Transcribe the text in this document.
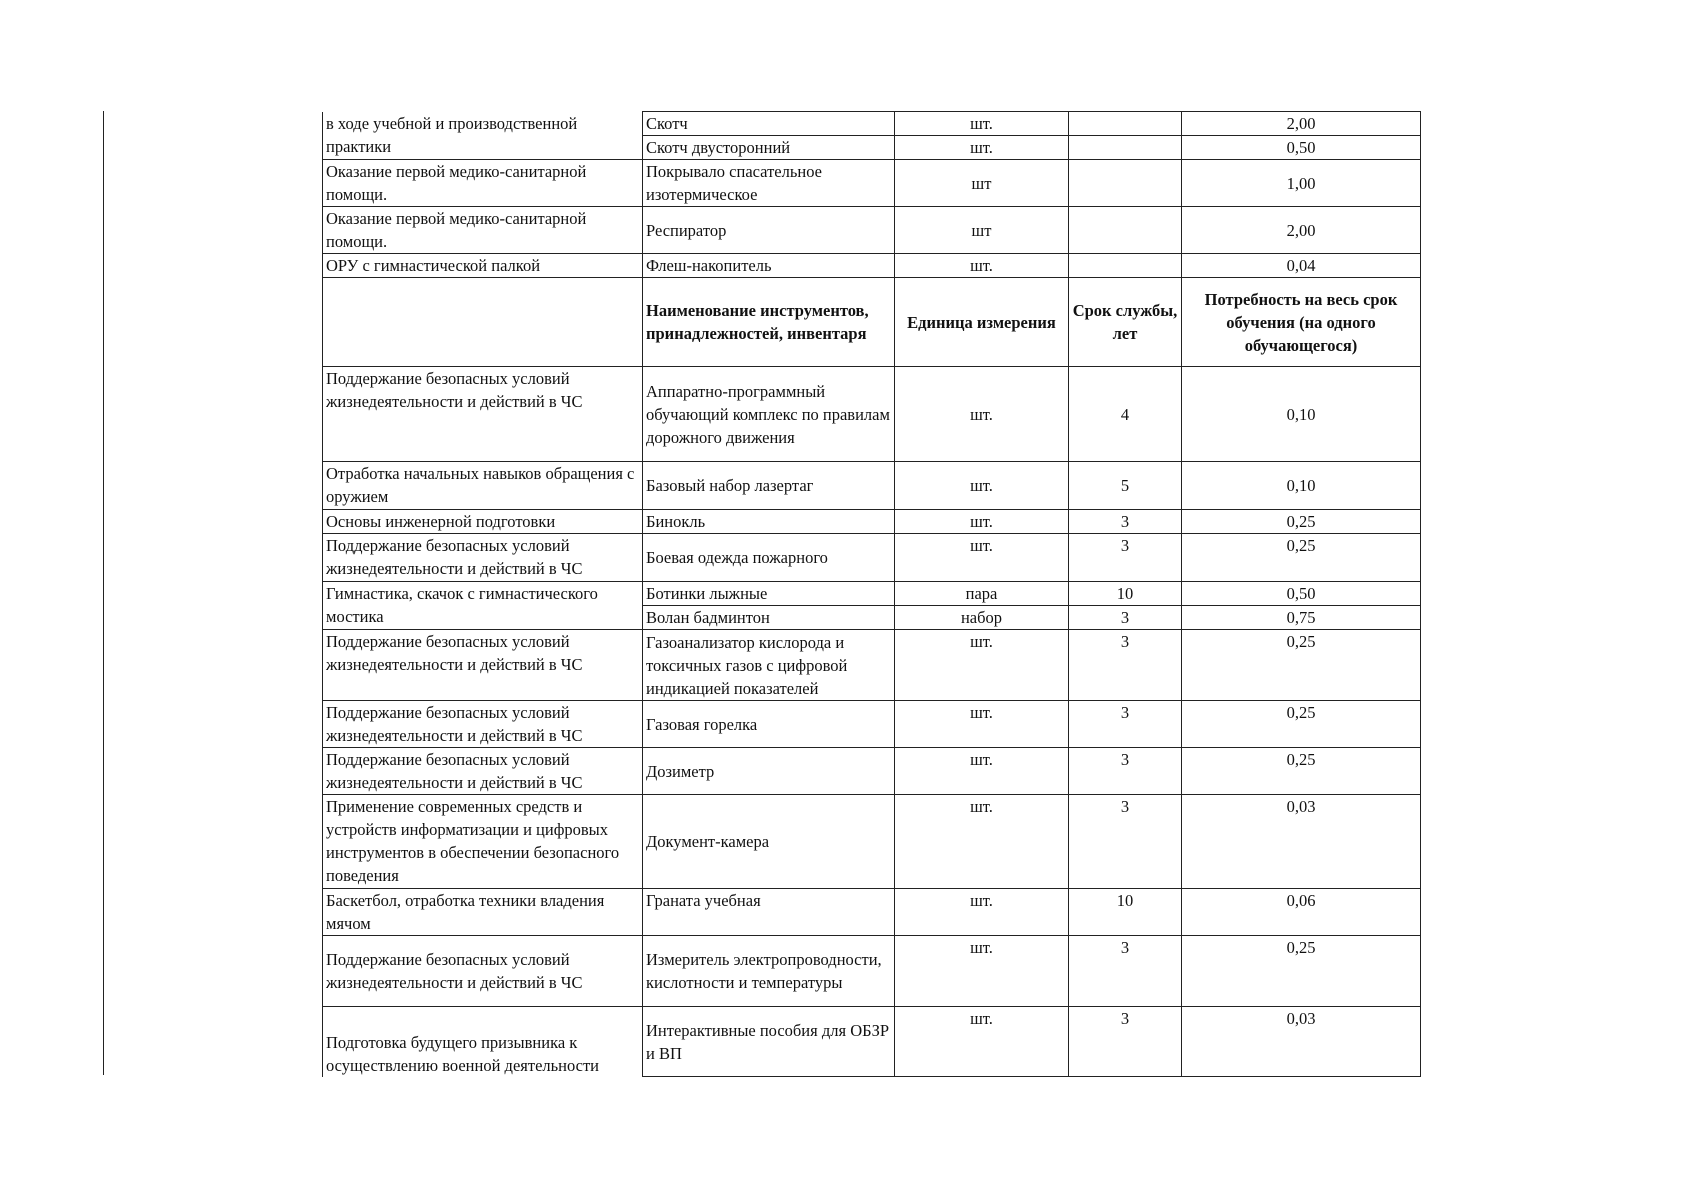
в ходе учебной и производственной практики	Скотч	шт.		2,00
	Скотч двусторонний	шт.		0,50
Оказание первой медико-санитарной помощи.	Покрывало спасательное изотермическое	шт		1,00
Оказание первой медико-санитарной помощи.	Респиратор	шт		2,00
ОРУ с гимнастической палкой	Флеш-накопитель	шт.		0,04
	Наименование инструментов, принадлежностей, инвентаря	Единица измерения	Срок службы, лет	Потребность на весь срок обучения (на одного обучающегося)
Поддержание безопасных условий жизнедеятельности и действий в ЧС	Аппаратно-программный обучающий комплекс по правилам дорожного движения	шт.	4	0,10
Отработка начальных навыков обращения с оружием	Базовый набор лазертаг	шт.	5	0,10
Основы инженерной подготовки	Бинокль	шт.	3	0,25
Поддержание безопасных условий жизнедеятельности и действий в ЧС	Боевая одежда пожарного	шт.	3	0,25
Гимнастика, скачок с гимнастического мостика	Ботинки лыжные	пара	10	0,50
	Волан бадминтон	набор	3	0,75
Поддержание безопасных условий жизнедеятельности и действий в ЧС	Газоанализатор кислорода и токсичных газов с цифровой индикацией показателей	шт.	3	0,25
Поддержание безопасных условий жизнедеятельности и действий в ЧС	Газовая горелка	шт.	3	0,25
Поддержание безопасных условий жизнедеятельности и действий в ЧС	Дозиметр	шт.	3	0,25
Применение современных средств и устройств информатизации и цифровых инструментов в обеспечении безопасного поведения	Документ-камера	шт.	3	0,03
Баскетбол, отработка техники владения мячом	Граната учебная	шт.	10	0,06
Поддержание безопасных условий жизнедеятельности и действий в ЧС	Измеритель электропроводности, кислотности и температуры	шт.	3	0,25
Подготовка будущего призывника к осуществлению военной деятельности	Интерактивные пособия для ОБЗР и ВП	шт.	3	0,03
